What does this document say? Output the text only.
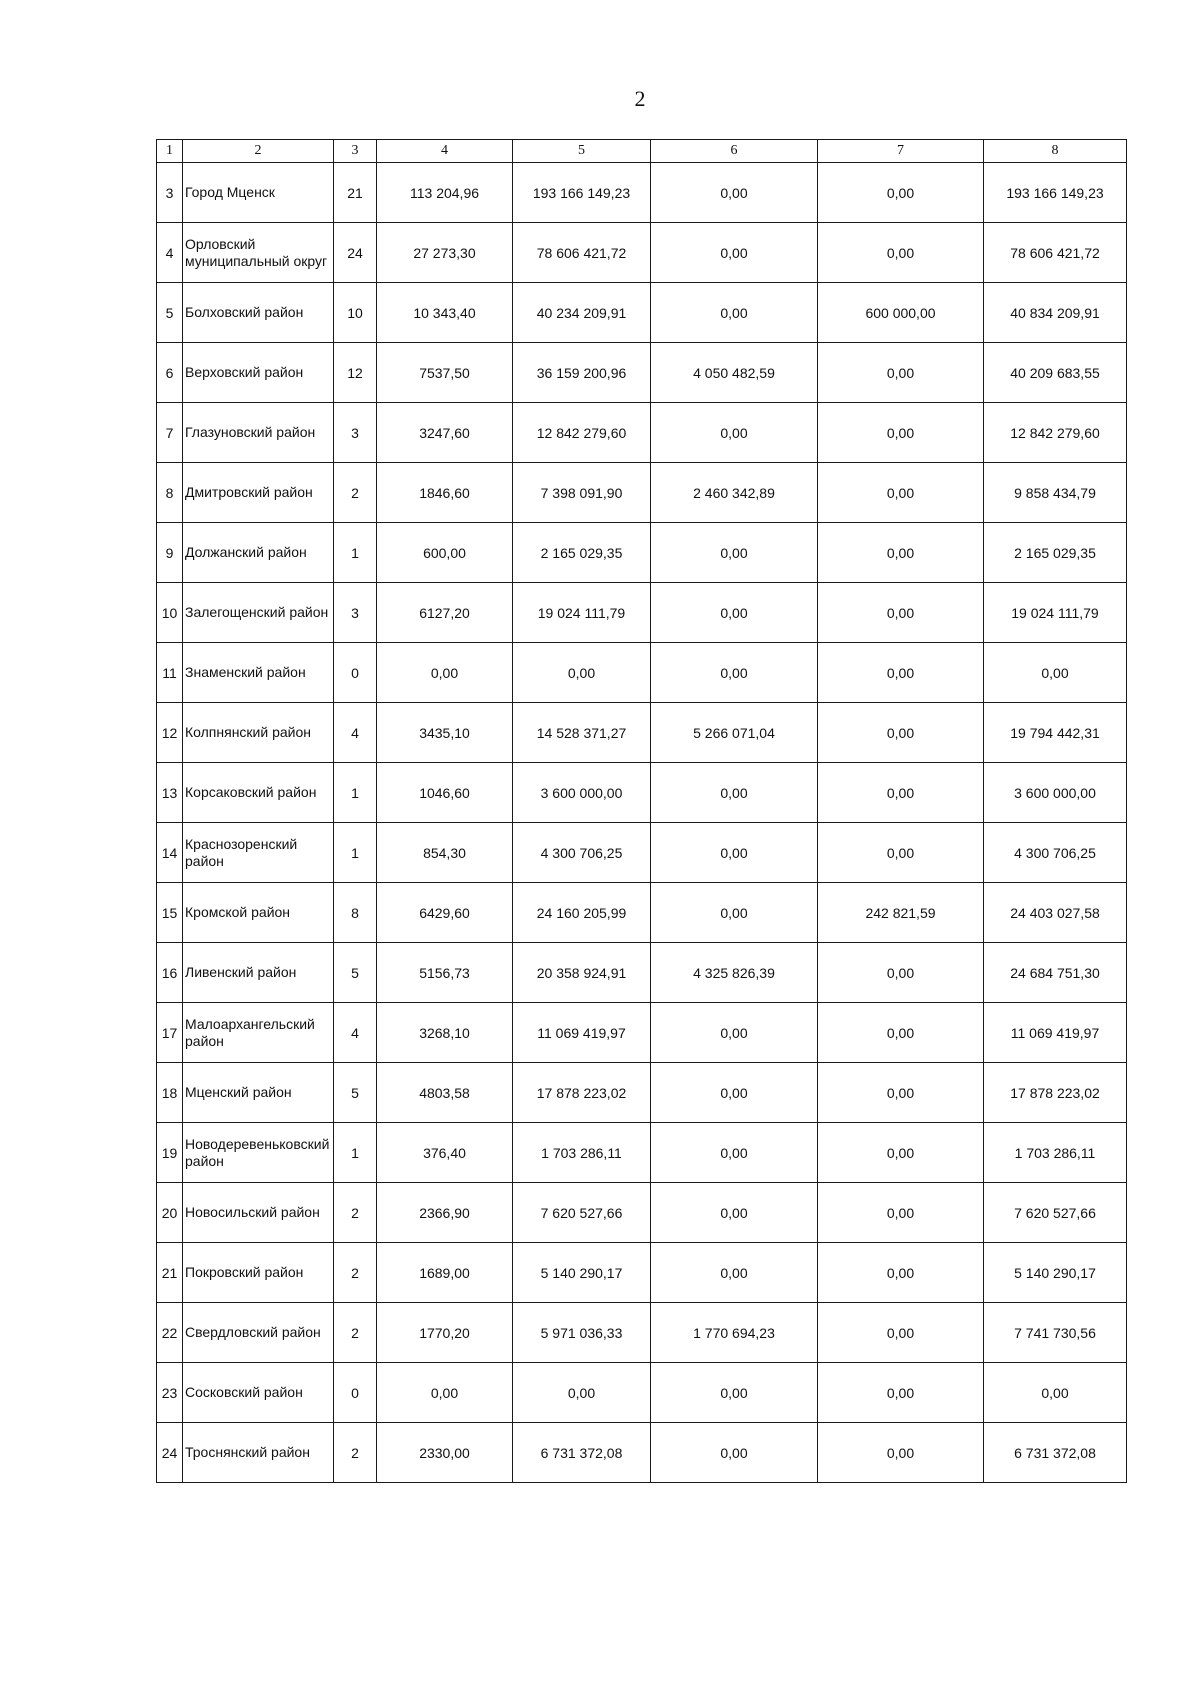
2
1	2	3	4	5	6	7	8
3	Город Мценск	21	113 204,96	193 166 149,23	0,00	0,00	193 166 149,23
4	Орловский муниципальный округ	24	27 273,30	78 606 421,72	0,00	0,00	78 606 421,72
5	Болховский район	10	10 343,40	40 234 209,91	0,00	600 000,00	40 834 209,91
6	Верховский район	12	7537,50	36 159 200,96	4 050 482,59	0,00	40 209 683,55
7	Глазуновский район	3	3247,60	12 842 279,60	0,00	0,00	12 842 279,60
8	Дмитровский район	2	1846,60	7 398 091,90	2 460 342,89	0,00	9 858 434,79
9	Должанский район	1	600,00	2 165 029,35	0,00	0,00	2 165 029,35
10	Залегощенский район	3	6127,20	19 024 111,79	0,00	0,00	19 024 111,79
11	Знаменский район	0	0,00	0,00	0,00	0,00	0,00
12	Колпнянский район	4	3435,10	14 528 371,27	5 266 071,04	0,00	19 794 442,31
13	Корсаковский район	1	1046,60	3 600 000,00	0,00	0,00	3 600 000,00
14	Краснозоренский район	1	854,30	4 300 706,25	0,00	0,00	4 300 706,25
15	Кромской район	8	6429,60	24 160 205,99	0,00	242 821,59	24 403 027,58
16	Ливенский район	5	5156,73	20 358 924,91	4 325 826,39	0,00	24 684 751,30
17	Малоархангельский район	4	3268,10	11 069 419,97	0,00	0,00	11 069 419,97
18	Мценский район	5	4803,58	17 878 223,02	0,00	0,00	17 878 223,02
19	Новодеревеньковский район	1	376,40	1 703 286,11	0,00	0,00	1 703 286,11
20	Новосильский район	2	2366,90	7 620 527,66	0,00	0,00	7 620 527,66
21	Покровский район	2	1689,00	5 140 290,17	0,00	0,00	5 140 290,17
22	Свердловский район	2	1770,20	5 971 036,33	1 770 694,23	0,00	7 741 730,56
23	Сосковский район	0	0,00	0,00	0,00	0,00	0,00
24	Троснянский район	2	2330,00	6 731 372,08	0,00	0,00	6 731 372,08
